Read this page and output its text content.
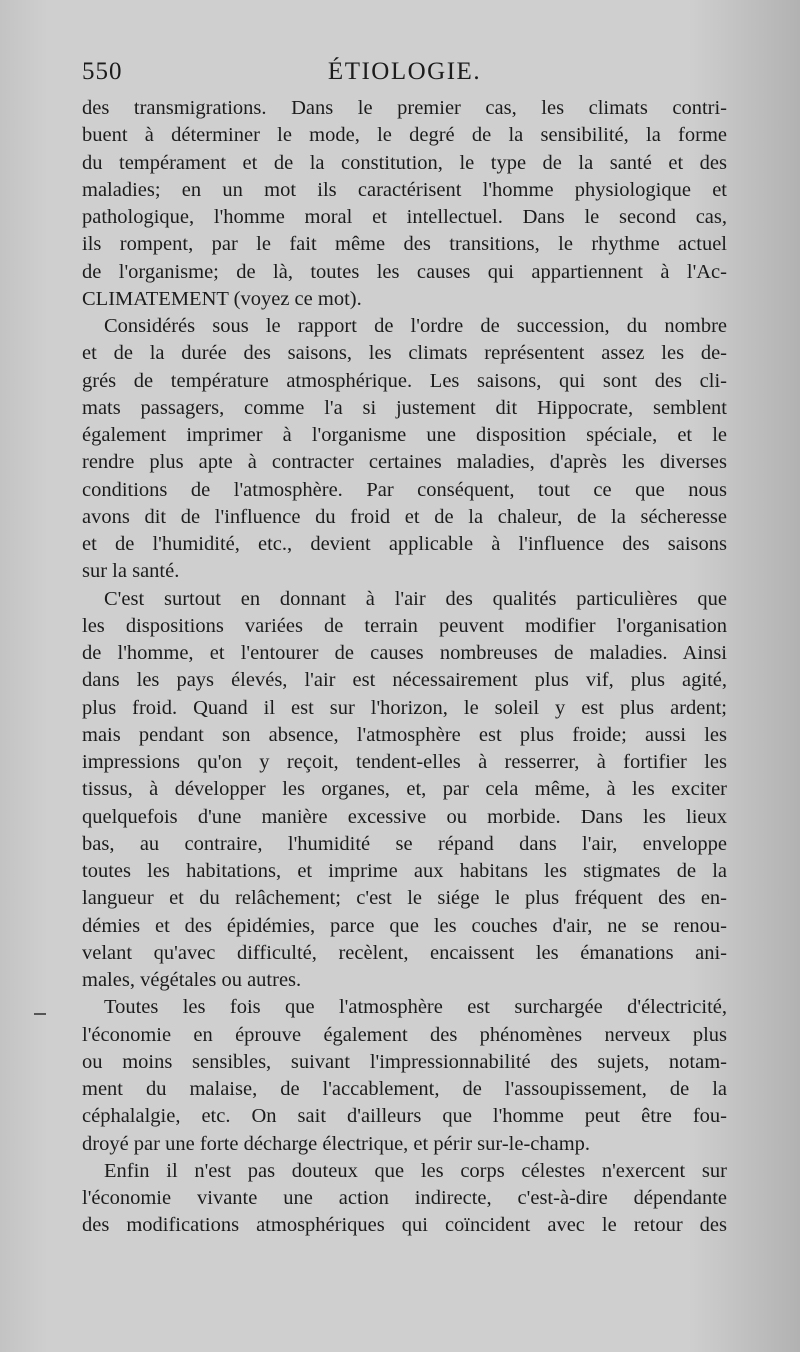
550	ÉTIOLOGIE.
des transmigrations. Dans le premier cas, les climats contri-
buent à déterminer le mode, le degré de la sensibilité, la forme
du tempérament et de la constitution, le type de la santé et des
maladies; en un mot ils caractérisent l'homme physiologique et
pathologique, l'homme moral et intellectuel. Dans le second cas,
ils rompent, par le fait même des transitions, le rhythme actuel
de l'organisme; de là, toutes les causes qui appartiennent à l'Ac-
CLIMATEMENT (voyez ce mot).
Considérés sous le rapport de l'ordre de succession, du nombre
et de la durée des saisons, les climats représentent assez les de-
grés de température atmosphérique. Les saisons, qui sont des cli-
mats passagers, comme l'a si justement dit Hippocrate, semblent
également imprimer à l'organisme une disposition spéciale, et le
rendre plus apte à contracter certaines maladies, d'après les diverses
conditions de l'atmosphère. Par conséquent, tout ce que nous
avons dit de l'influence du froid et de la chaleur, de la sécheresse
et de l'humidité, etc., devient applicable à l'influence des saisons
sur la santé.
C'est surtout en donnant à l'air des qualités particulières que
les dispositions variées de terrain peuvent modifier l'organisation
de l'homme, et l'entourer de causes nombreuses de maladies. Ainsi
dans les pays élevés, l'air est nécessairement plus vif, plus agité,
plus froid. Quand il est sur l'horizon, le soleil y est plus ardent;
mais pendant son absence, l'atmosphère est plus froide; aussi les
impressions qu'on y reçoit, tendent-elles à resserrer, à fortifier les
tissus, à développer les organes, et, par cela même, à les exciter
quelquefois d'une manière excessive ou morbide. Dans les lieux
bas, au contraire, l'humidité se répand dans l'air, enveloppe
toutes les habitations, et imprime aux habitans les stigmates de la
langueur et du relâchement; c'est le siége le plus fréquent des en-
démies et des épidémies, parce que les couches d'air, ne se renou-
velant qu'avec difficulté, recèlent, encaissent les émanations ani-
males, végétales ou autres.
Toutes les fois que l'atmosphère est surchargée d'électricité,
l'économie en éprouve également des phénomènes nerveux plus
ou moins sensibles, suivant l'impressionnabilité des sujets, notam-
ment du malaise, de l'accablement, de l'assoupissement, de la
céphalalgie, etc. On sait d'ailleurs que l'homme peut être fou-
droyé par une forte décharge électrique, et périr sur-le-champ.
Enfin il n'est pas douteux que les corps célestes n'exercent sur
l'économie vivante une action indirecte, c'est-à-dire dépendante
des modifications atmosphériques qui coïncident avec le retour des
